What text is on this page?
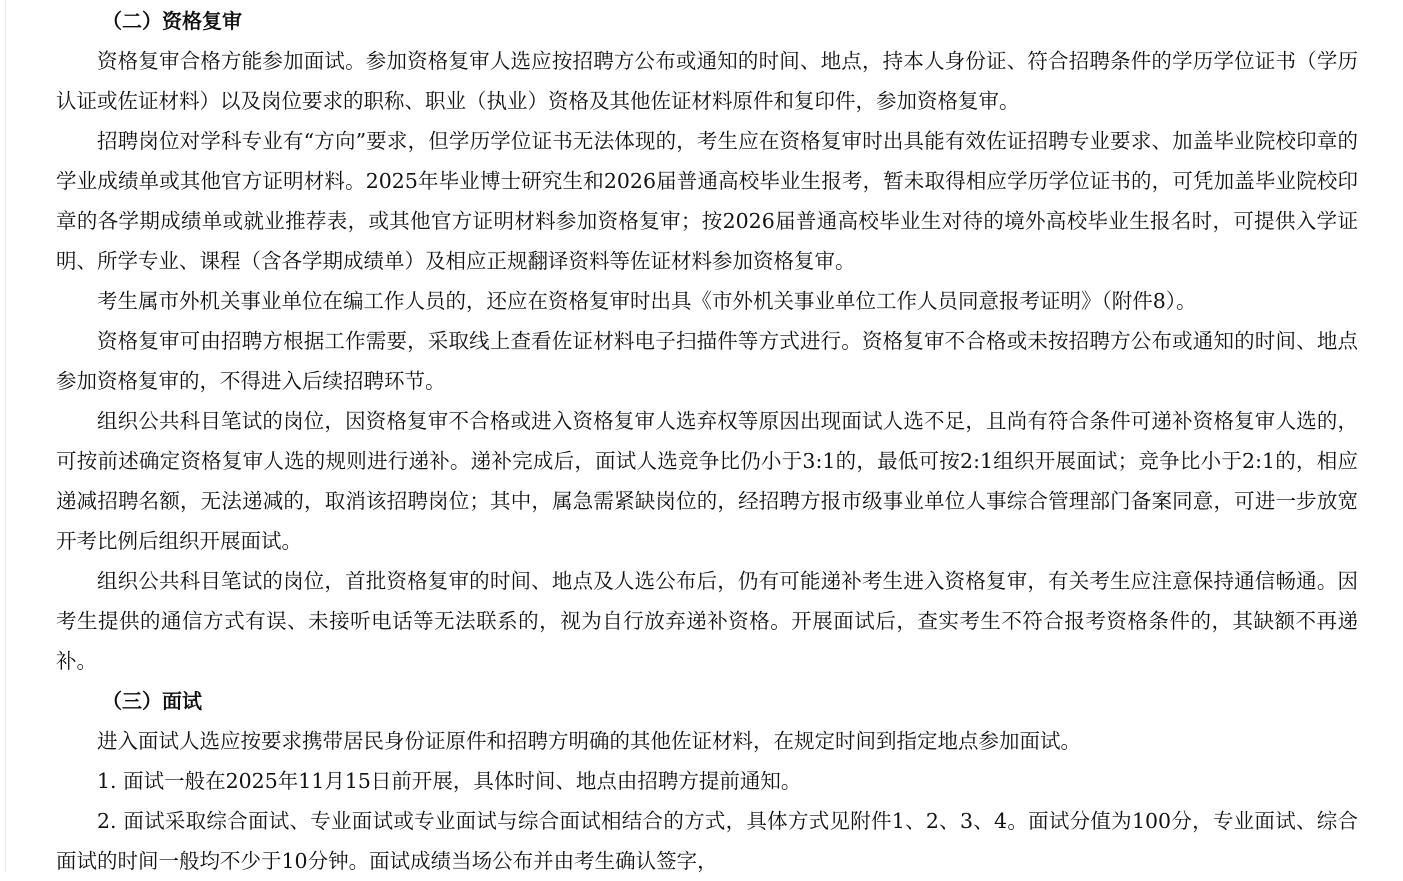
（二）资格复审

资格复审合格方能参加面试。参加资格复审人选应按招聘方公布或通知的时间、地点，持本人身份证、符合招聘条件的学历学位证书（学历认证或佐证材料）以及岗位要求的职称、职业（执业）资格及其他佐证材料原件和复印件，参加资格复审。

招聘岗位对学科专业有“方向”要求，但学历学位证书无法体现的，考生应在资格复审时出具能有效佐证招聘专业要求、加盖毕业院校印章的学业成绩单或其他官方证明材料。2025年毕业博士研究生和2026届普通高校毕业生报考，暂未取得相应学历学位证书的，可凭加盖毕业院校印章的各学期成绩单或就业推荐表，或其他官方证明材料参加资格复审；按2026届普通高校毕业生对待的境外高校毕业生报名时，可提供入学证明、所学专业、课程（含各学期成绩单）及相应正规翻译资料等佐证材料参加资格复审。

考生属市外机关事业单位在编工作人员的，还应在资格复审时出具《市外机关事业单位工作人员同意报考证明》（附件8）。

资格复审可由招聘方根据工作需要，采取线上查看佐证材料电子扫描件等方式进行。资格复审不合格或未按招聘方公布或通知的时间、地点参加资格复审的，不得进入后续招聘环节。

组织公共科目笔试的岗位，因资格复审不合格或进入资格复审人选弃权等原因出现面试人选不足，且尚有符合条件可递补资格复审人选的，可按前述确定资格复审人选的规则进行递补。递补完成后，面试人选竞争比仍小于3:1的，最低可按2:1组织开展面试；竞争比小于2:1的，相应递减招聘名额，无法递减的，取消该招聘岗位；其中，属急需紧缺岗位的，经招聘方报市级事业单位人事综合管理部门备案同意，可进一步放宽开考比例后组织开展面试。

组织公共科目笔试的岗位，首批资格复审的时间、地点及人选公布后，仍有可能递补考生进入资格复审，有关考生应注意保持通信畅通。因考生提供的通信方式有误、未接听电话等无法联系的，视为自行放弃递补资格。开展面试后，查实考生不符合报考资格条件的，其缺额不再递补。

（三）面试

进入面试人选应按要求携带居民身份证原件和招聘方明确的其他佐证材料，在规定时间到指定地点参加面试。

1. 面试一般在2025年11月15日前开展，具体时间、地点由招聘方提前通知。

2. 面试采取综合面试、专业面试或专业面试与综合面试相结合的方式，具体方式见附件1、2、3、4。面试分值为100分，专业面试、综合面试的时间一般均不少于10分钟。面试成绩当场公布并由考生确认签字，
